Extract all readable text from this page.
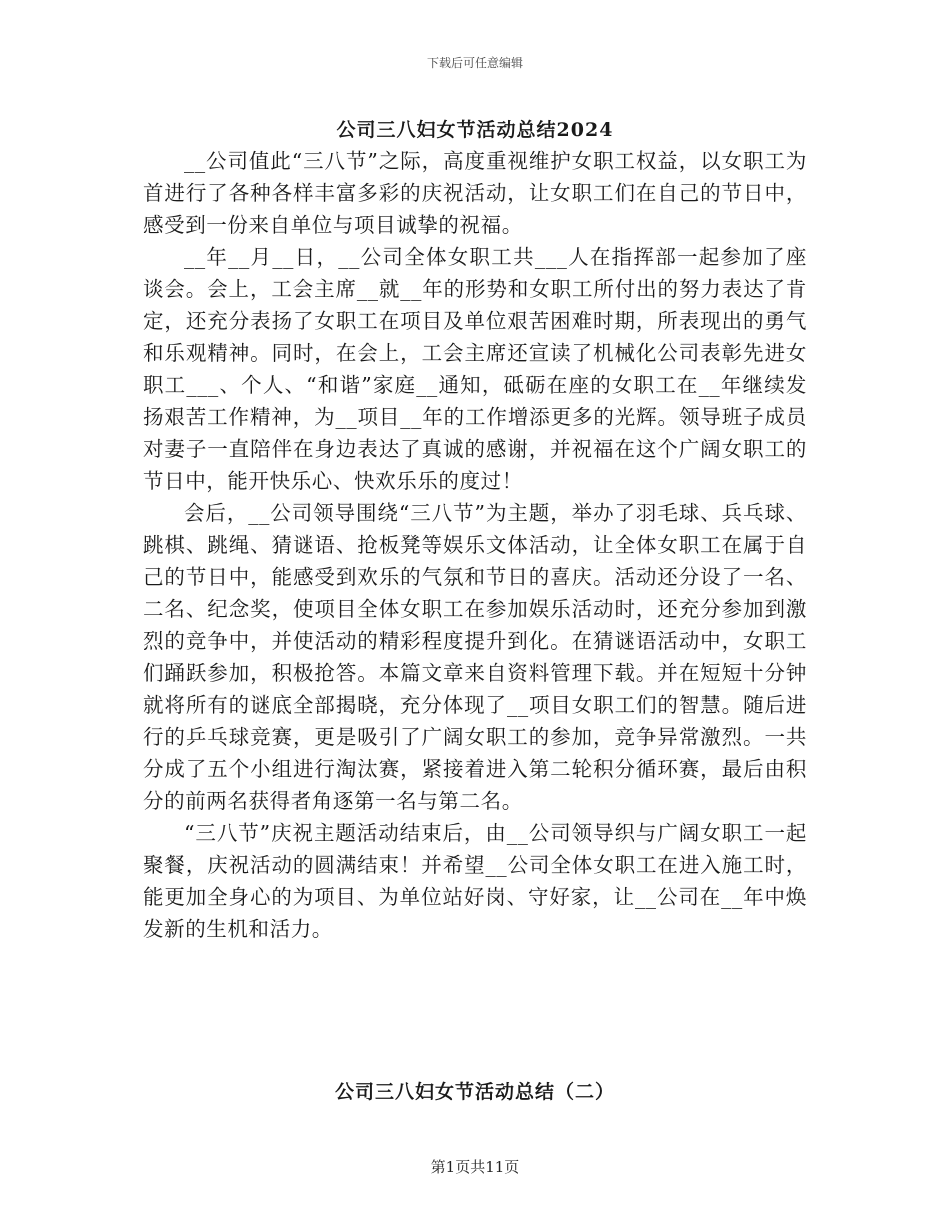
下载后可任意编辑
公司三八妇女节活动总结2024

__公司值此“三八节”之际，高度重视维护女职工权益，以女职工为首进行了各种各样丰富多彩的庆祝活动，让女职工们在自己的节日中，感受到一份来自单位与项目诚挚的祝福。

__年__月__日，__公司全体女职工共___人在指挥部一起参加了座谈会。会上，工会主席__就__年的形势和女职工所付出的努力表达了肯定，还充分表扬了女职工在项目及单位艰苦困难时期，所表现出的勇气和乐观精神。同时，在会上，工会主席还宣读了机械化公司表彰先进女职工___、个人、“和谐”家庭__通知，砥砺在座的女职工在__年继续发扬艰苦工作精神，为__项目__年的工作增添更多的光辉。领导班子成员对妻子一直陪伴在身边表达了真诚的感谢，并祝福在这个广阔女职工的节日中，能开快乐心、快欢乐乐的度过！

会后，__公司领导围绕“三八节”为主题，举办了羽毛球、兵乓球、跳棋、跳绳、猜谜语、抢板凳等娱乐文体活动，让全体女职工在属于自己的节日中，能感受到欢乐的气氛和节日的喜庆。活动还分设了一名、二名、纪念奖，使项目全体女职工在参加娱乐活动时，还充分参加到激烈的竞争中，并使活动的精彩程度提升到化。在猜谜语活动中，女职工们踊跃参加，积极抢答。本篇文章来自资料管理下载。并在短短十分钟就将所有的谜底全部揭晓，充分体现了__项目女职工们的智慧。随后进行的乒乓球竞赛，更是吸引了广阔女职工的参加，竞争异常激烈。一共分成了五个小组进行淘汰赛，紧接着进入第二轮积分循环赛，最后由积分的前两名获得者角逐第一名与第二名。

“三八节”庆祝主题活动结束后，由__公司领导织与广阔女职工一起聚餐，庆祝活动的圆满结束！并希望__公司全体女职工在进入施工时，能更加全身心的为项目、为单位站好岗、守好家，让__公司在__年中焕发新的生机和活力。

公司三八妇女节活动总结（二）
第1页共11页
